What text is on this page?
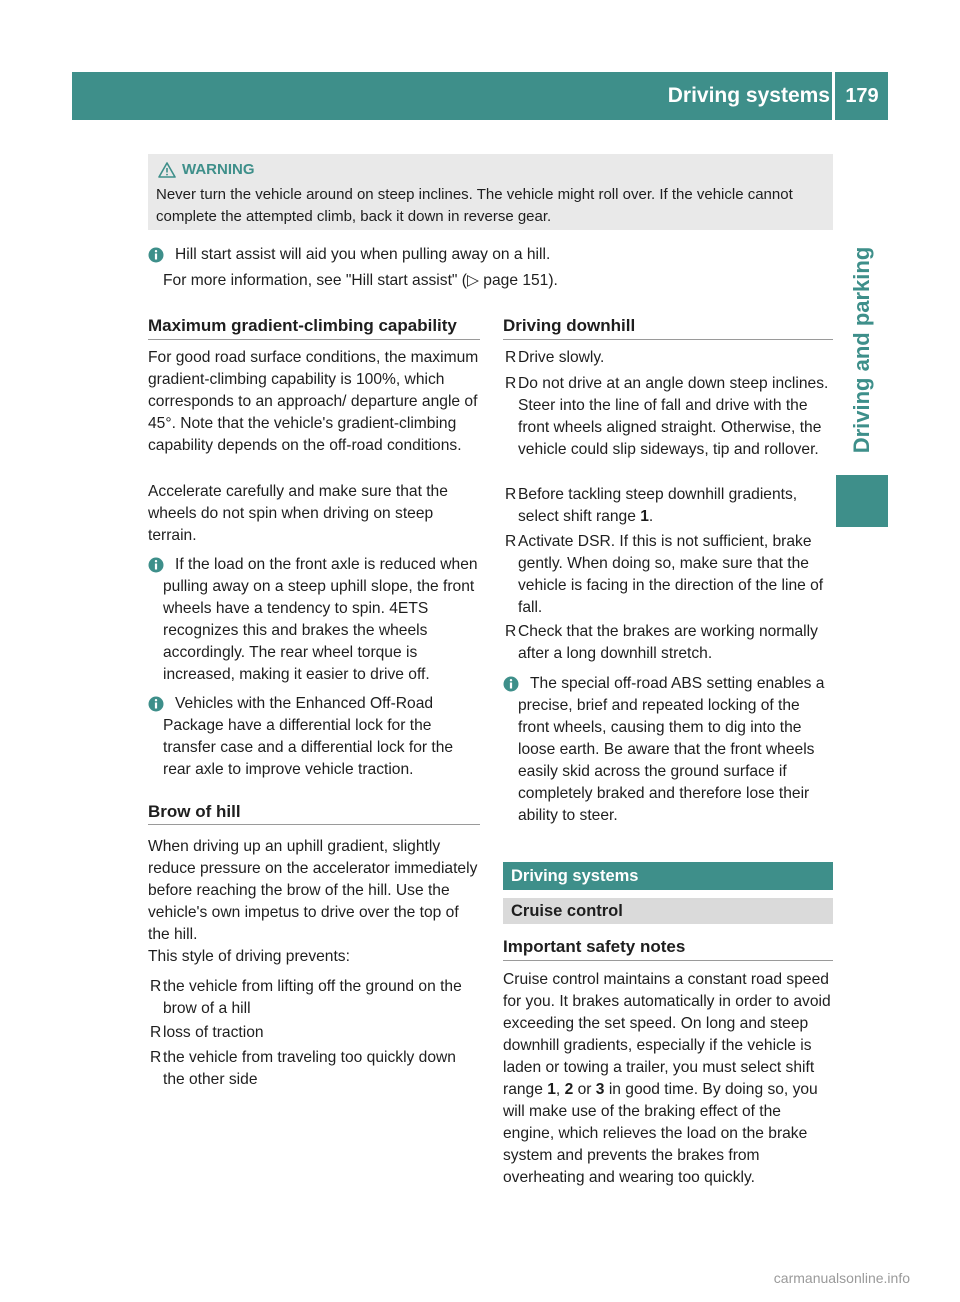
Driving systems 179
Driving and parking
WARNING
Never turn the vehicle around on steep inclines. The vehicle might roll over. If the vehicle cannot complete the attempted climb, back it down in reverse gear.
Hill start assist will aid you when pulling away on a hill.
For more information, see "Hill start assist" (▷ page 151).
Maximum gradient-climbing capability
For good road surface conditions, the maximum gradient-climbing capability is 100%, which corresponds to an approach/ departure angle of 45°. Note that the vehicle's gradient-climbing capability depends on the off-road conditions.
Accelerate carefully and make sure that the wheels do not spin when driving on steep terrain.
If the load on the front axle is reduced when pulling away on a steep uphill slope, the front wheels have a tendency to spin. 4ETS recognizes this and brakes the wheels accordingly. The rear wheel torque is increased, making it easier to drive off.
Vehicles with the Enhanced Off-Road Package have a differential lock for the transfer case and a differential lock for the rear axle to improve vehicle traction.
Brow of hill
When driving up an uphill gradient, slightly reduce pressure on the accelerator immediately before reaching the brow of the hill. Use the vehicle's own impetus to drive over the top of the hill.
This style of driving prevents:
R the vehicle from lifting off the ground on the brow of a hill
R loss of traction
R the vehicle from traveling too quickly down the other side
Driving downhill
R Drive slowly.
R Do not drive at an angle down steep inclines. Steer into the line of fall and drive with the front wheels aligned straight. Otherwise, the vehicle could slip sideways, tip and rollover.
R Before tackling steep downhill gradients, select shift range 1.
R Activate DSR. If this is not sufficient, brake gently. When doing so, make sure that the vehicle is facing in the direction of the line of fall.
R Check that the brakes are working normally after a long downhill stretch.
The special off-road ABS setting enables a precise, brief and repeated locking of the front wheels, causing them to dig into the loose earth. Be aware that the front wheels easily skid across the ground surface if completely braked and therefore lose their ability to steer.
Driving systems
Cruise control
Important safety notes
Cruise control maintains a constant road speed for you. It brakes automatically in order to avoid exceeding the set speed. On long and steep downhill gradients, especially if the vehicle is laden or towing a trailer, you must select shift range 1, 2 or 3 in good time. By doing so, you will make use of the braking effect of the engine, which relieves the load on the brake system and prevents the brakes from overheating and wearing too quickly.
carmanualsonline.info
